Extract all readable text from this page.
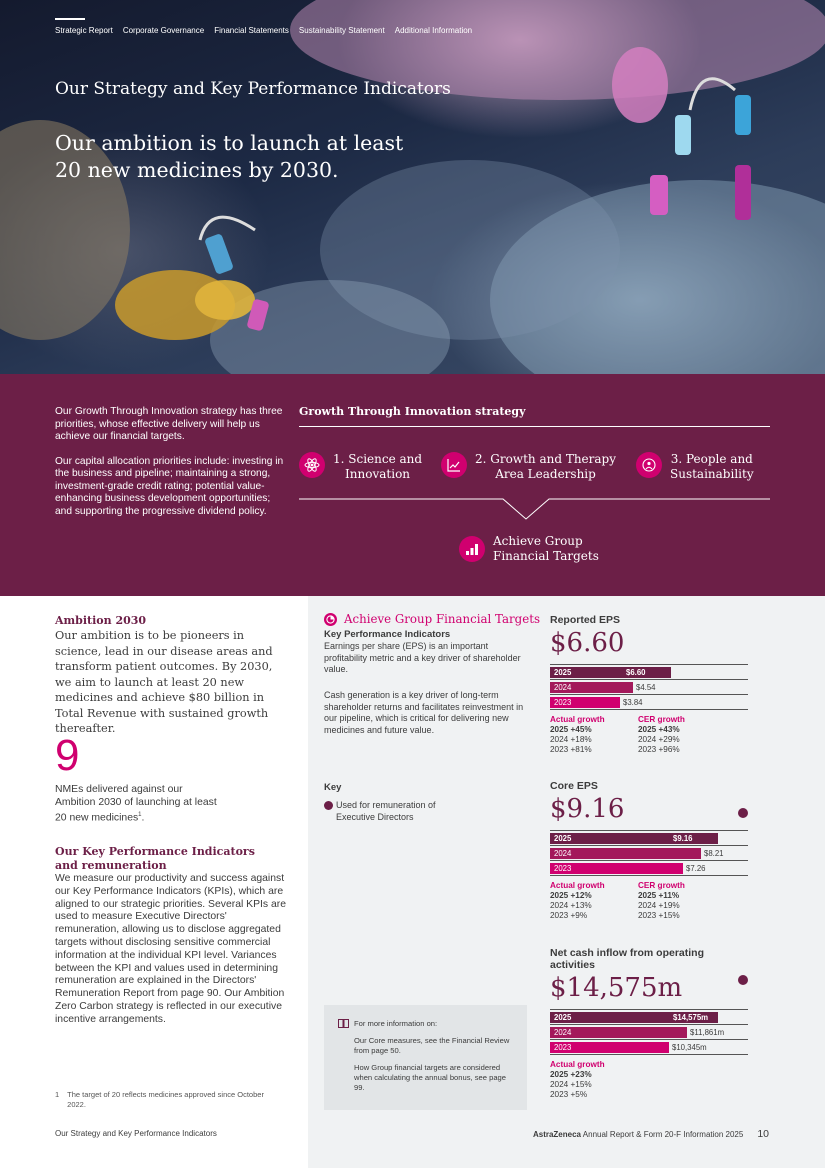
Strategic Report Corporate Governance Financial Statements Sustainability Statement Additional Information
Our Strategy and Key Performance Indicators
Our ambition is to launch at least 20 new medicines by 2030.

Our Growth Through Innovation strategy has three priorities, whose effective delivery will help us achieve our financial targets.

Our capital allocation priorities include: investing in the business and pipeline; maintaining a strong, investment-grade credit rating; potential value-enhancing business development opportunities; and supporting the progressive dividend policy.

Growth Through Innovation strategy
1. Science and
Innovation
2. Growth and Therapy
Area Leadership
3. People and
Sustainability
Achieve Group
Financial Targets
Ambition 2030
Our ambition is to be pioneers in science, lead in our disease areas and transform patient outcomes. By 2030, we aim to launch at least 20 new medicines and achieve $80 billion in Total Revenue with sustained growth thereafter.
9
NMEs delivered against our Ambition 2030 of launching at least 20 new medicines$^1$.
Our Key Performance Indicators and remuneration
We measure our productivity and success against our Key Performance Indicators (KPIs), which are aligned to our strategic priorities. Several KPIs are used to measure Executive Directors' remuneration, allowing us to disclose aggregated targets without disclosing sensitive commercial information at the individual KPI level. Variances between the KPI and values used in determining remuneration are explained in the Directors' Remuneration Report from page 90. Our Ambition Zero Carbon strategy is reflected in our executive incentive arrangements.
1 The target of 20 reflects medicines approved since October 2022.
Achieve Group Financial Targets
Key Performance Indicators
Earnings per share (EPS) is an important profitability metric and a key driver of shareholder value.
Cash generation is a key driver of long-term shareholder returns and facilitates reinvestment in our pipeline, which is critical for delivering new medicines and future value.
Key
Used for remuneration of Executive Directors
For more information on:

Our Core measures, see the Financial Review from page 50.

How Group financial targets are considered when calculating the annual bonus, see page 99.

Reported EPS
$6.60
2025	$6.60
2024	$4.54
2023	$3.84
Actual growth
2025 +45%
2024 +18%
2023 +81%
CER growth
2025 +43%
2024 +29%
2023 +96%
Core EPS
$9.16
2025	$9.16
2024	$8.21
2023	$7.26
Actual growth
2025 +12%
2024 +13%
2023 +9%
CER growth
2025 +11%
2024 +19%
2023 +15%
Net cash inflow from operating activities
$14,575m
2025	$14,575m
2024	$11,861m
2023	$10,345m
Actual growth
2025 +23%
2024 +15%
2023 +5%
Our Strategy and Key Performance Indicators	AstraZeneca Annual Report & Form 20-F Information 2025 10
